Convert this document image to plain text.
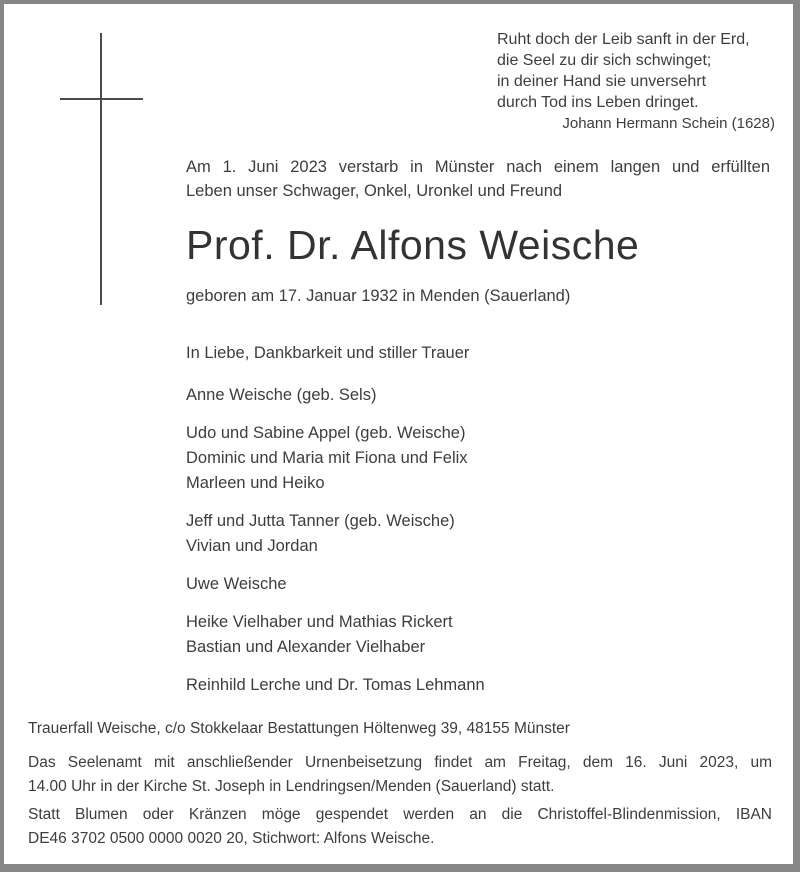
Ruht doch der Leib sanft in der Erd,
die Seel zu dir sich schwinget;
in deiner Hand sie unversehrt
durch Tod ins Leben dringet.
Johann Hermann Schein (1628)
Am 1. Juni 2023 verstarb in Münster nach einem langen und erfüllten
Leben unser Schwager, Onkel, Uronkel und Freund
Prof. Dr. Alfons Weische
geboren am 17. Januar 1932 in Menden (Sauerland)
In Liebe, Dankbarkeit und stiller Trauer
Anne Weische (geb. Sels)
Udo und Sabine Appel (geb. Weische)
Dominic und Maria mit Fiona und Felix
Marleen und Heiko
Jeff und Jutta Tanner (geb. Weische)
Vivian und Jordan
Uwe Weische
Heike Vielhaber und Mathias Rickert
Bastian und Alexander Vielhaber
Reinhild Lerche und Dr. Tomas Lehmann
Trauerfall Weische, c/o Stokkelaar Bestattungen Höltenweg 39, 48155 Münster
Das Seelenamt mit anschließender Urnenbeisetzung findet am Freitag, dem 16. Juni 2023, um
14.00 Uhr in der Kirche St. Joseph in Lendringsen/Menden (Sauerland) statt.
Statt Blumen oder Kränzen möge gespendet werden an die Christoffel-Blindenmission, IBAN
DE46 3702 0500 0000 0020 20, Stichwort: Alfons Weische.
